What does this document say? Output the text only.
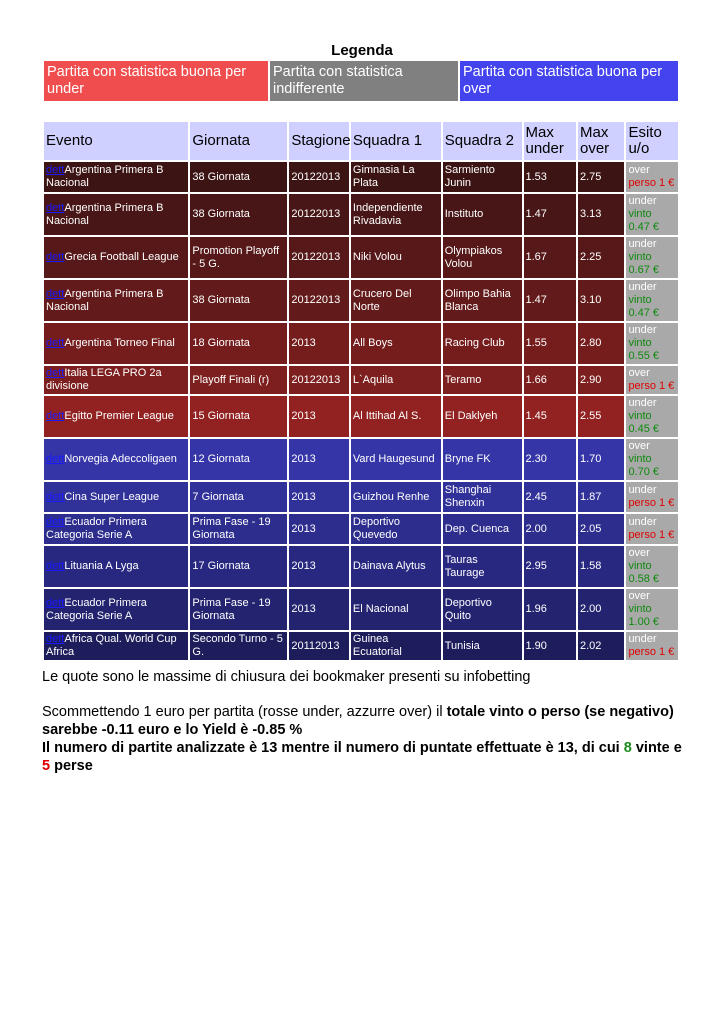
Legenda
Partita con statistica buona per under
Partita con statistica indifferente
Partita con statistica buona per over
Evento	Giornata	Stagione	Squadra 1	Squadra 2	Max under	Max over	Esito u/o
dettArgentina Primera B Nacional	38 Giornata	20122013	Gimnasia La Plata	Sarmiento Junin	1.53	2.75	over
perso 1 €
dettArgentina Primera B Nacional	38 Giornata	20122013	Independiente Rivadavia	Instituto	1.47	3.13	under
vinto 0.47 €
dettGrecia Football League	Promotion Playoff - 5 G.	20122013	Niki Volou	Olympiakos Volou	1.67	2.25	under
vinto 0.67 €
dettArgentina Primera B Nacional	38 Giornata	20122013	Crucero Del Norte	Olimpo Bahia Blanca	1.47	3.10	under
vinto 0.47 €
dettArgentina Torneo Final	18 Giornata	2013	All Boys	Racing Club	1.55	2.80	under
vinto 0.55 €
dettItalia LEGA PRO 2a divisione	Playoff Finali (r)	20122013	L`Aquila	Teramo	1.66	2.90	over
perso 1 €
dettEgitto Premier League	15 Giornata	2013	Al Ittihad Al S.	El Daklyeh	1.45	2.55	under
vinto 0.45 €
dettNorvegia Adeccoligaen	12 Giornata	2013	Vard Haugesund	Bryne FK	2.30	1.70	over
vinto 0.70 €
dettCina Super League	7 Giornata	2013	Guizhou Renhe	Shanghai Shenxin	2.45	1.87	under
perso 1 €
dettEcuador Primera Categoria Serie A	Prima Fase - 19 Giornata	2013	Deportivo Quevedo	Dep. Cuenca	2.00	2.05	under
perso 1 €
dettLituania A Lyga	17 Giornata	2013	Dainava Alytus	Tauras Taurage	2.95	1.58	over
vinto 0.58 €
dettEcuador Primera Categoria Serie A	Prima Fase - 19 Giornata	2013	El Nacional	Deportivo Quito	1.96	2.00	over
vinto 1.00 €
dettAfrica Qual. World Cup Africa	Secondo Turno - 5 G.	20112013	Guinea Ecuatorial	Tunisia	1.90	2.02	under
perso 1 €

Le quote sono le massime di chiusura dei bookmaker presenti su infobetting

Scommettendo 1 euro per partita (rosse under, azzurre over) il totale vinto o perso (se negativo) sarebbe -0.11 euro e lo Yield è -0.85 %

Il numero di partite analizzate è 13 mentre il numero di puntate effettuate è 13, di cui 8 vinte e 5 perse
